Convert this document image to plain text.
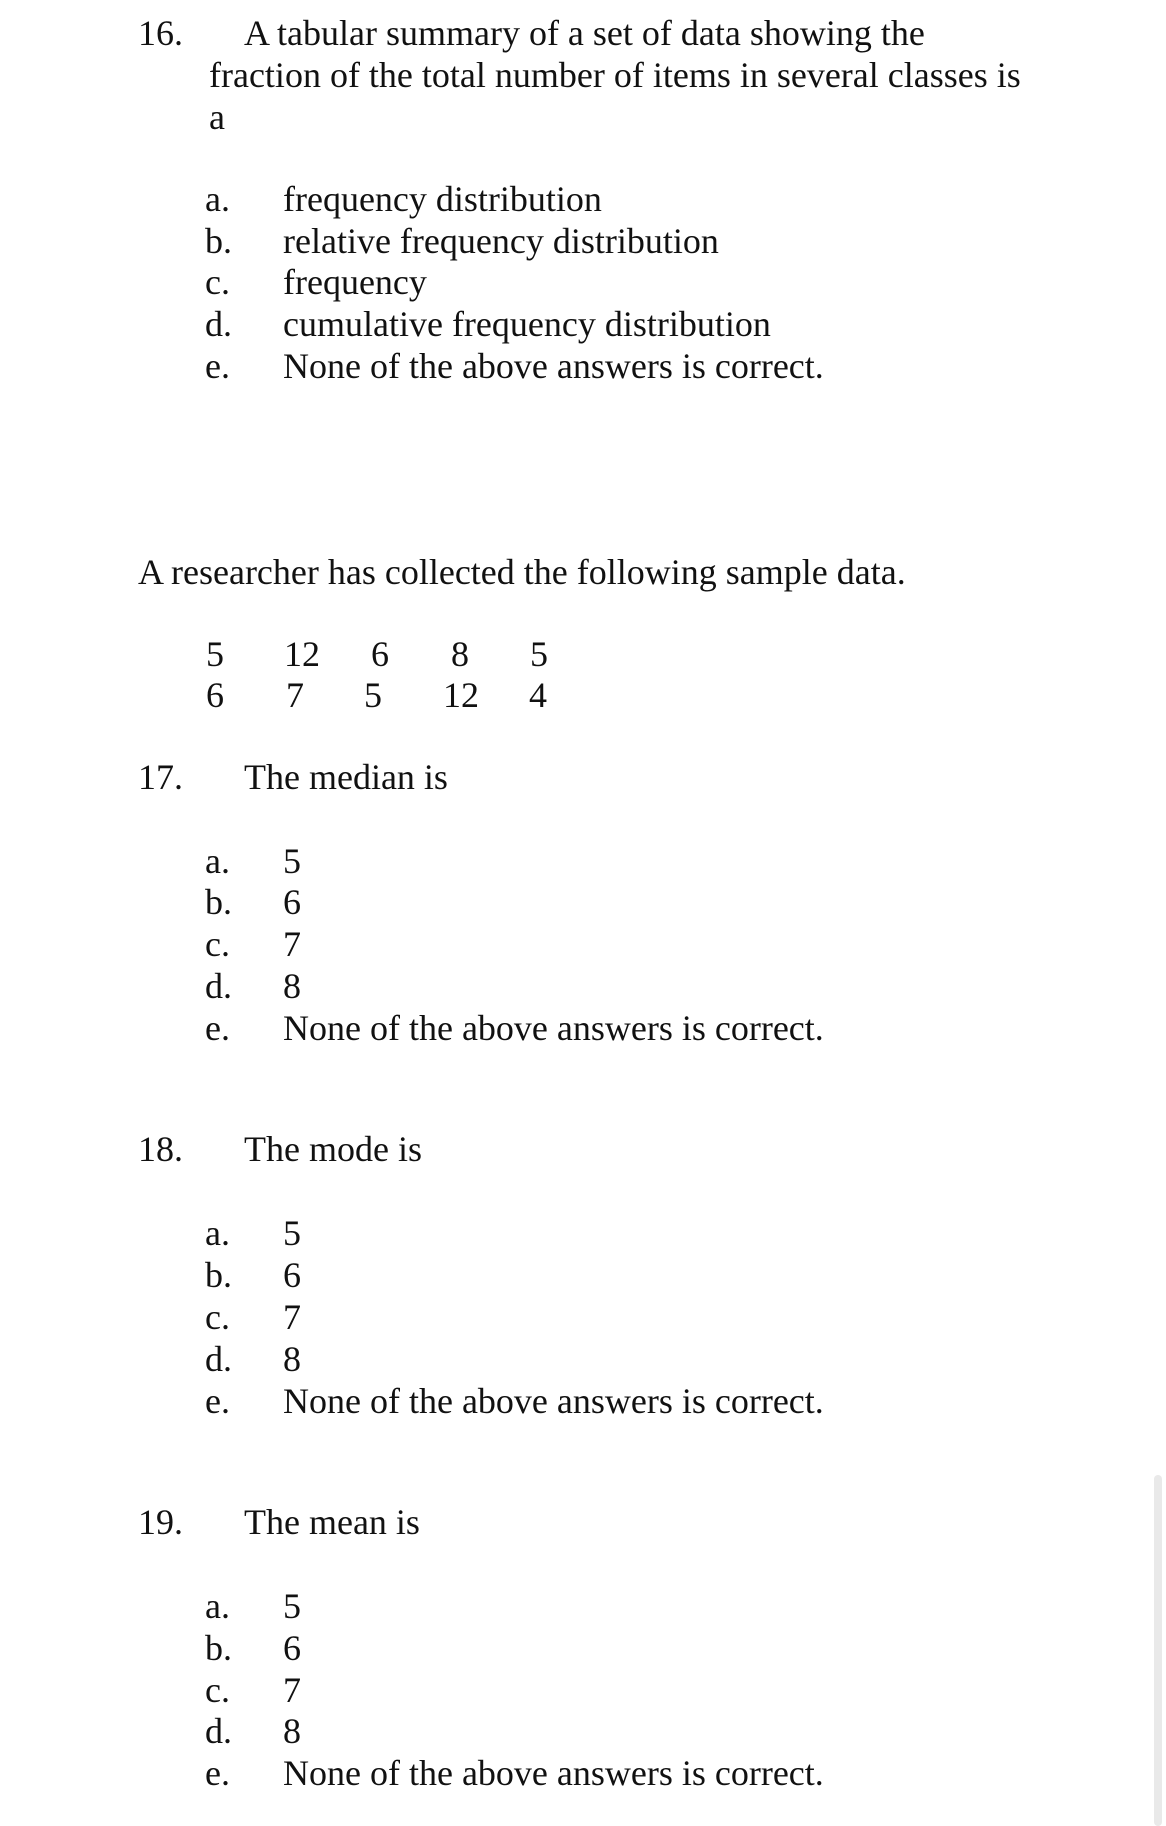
16. A tabular summary of a set of data showing the
fraction of the total number of items in several classes is
a
a. frequency distribution
b. relative frequency distribution
c. frequency
d. cumulative frequency distribution
e. None of the above answers is correct.
A researcher has collected the following sample data.
5	12	6	8	5
6	7	5	12	4
17. The median is
a. 5
b. 6
c. 7
d. 8
e. None of the above answers is correct.
18. The mode is
a. 5
b. 6
c. 7
d. 8
e. None of the above answers is correct.
19. The mean is
a. 5
b. 6
c. 7
d. 8
e. None of the above answers is correct.
